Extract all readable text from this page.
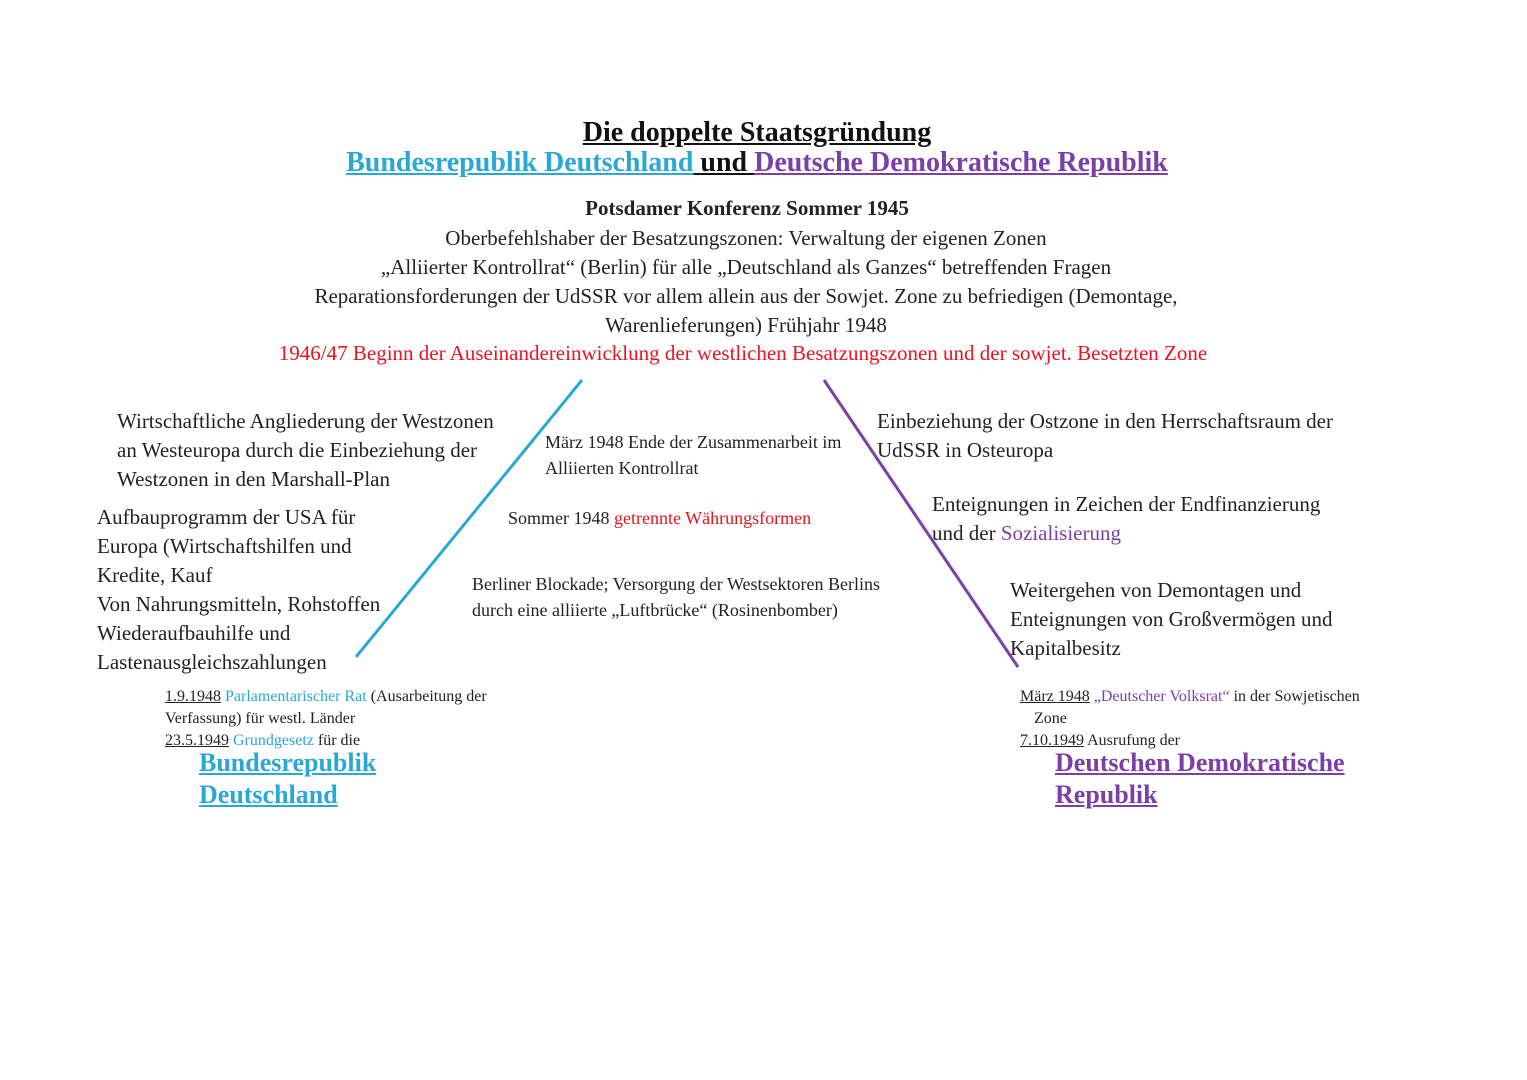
Die doppelte Staatsgründung
Bundesrepublik Deutschland und Deutsche Demokratische Republik
Potsdamer Konferenz Sommer 1945
Oberbefehlshaber der Besatzungszonen: Verwaltung der eigenen Zonen
„Alliierter Kontrollrat“ (Berlin) für alle „Deutschland als Ganzes“ betreffenden Fragen
Reparationsforderungen der UdSSR vor allem allein aus der Sowjet. Zone zu befriedigen (Demontage,
Warenlieferungen) Frühjahr 1948
1946/47 Beginn der Auseinandereinwicklung der westlichen Besatzungszonen und der sowjet. Besetzten Zone
Wirtschaftliche Angliederung der Westzonen
an Westeuropa durch die Einbeziehung der
Westzonen in den Marshall-Plan
Aufbauprogramm der USA für
Europa (Wirtschaftshilfen und
Kredite, Kauf
Von Nahrungsmitteln, Rohstoffen
Wiederaufbauhilfe und
Lastenausgleichszahlungen
1.9.1948 Parlamentarischer Rat (Ausarbeitung der
Verfassung) für westl. Länder
23.5.1949 Grundgesetz für die
Bundesrepublik
Deutschland
März 1948 Ende der Zusammenarbeit im
Alliierten Kontrollrat
Sommer 1948 getrennte Währungsformen
Berliner Blockade; Versorgung der Westsektoren Berlins
durch eine alliierte „Luftbrücke“ (Rosinenbomber)
Einbeziehung der Ostzone in den Herrschaftsraum der
UdSSR in Osteuropa
Enteignungen in Zeichen der Endfinanzierung
und der Sozialisierung
Weitergehen von Demontagen und
Enteignungen von Großvermögen und
Kapitalbesitz
März 1948 „Deutscher Volksrat“ in der Sowjetischen
Zone
7.10.1949 Ausrufung der
Deutschen Demokratische
Republik
